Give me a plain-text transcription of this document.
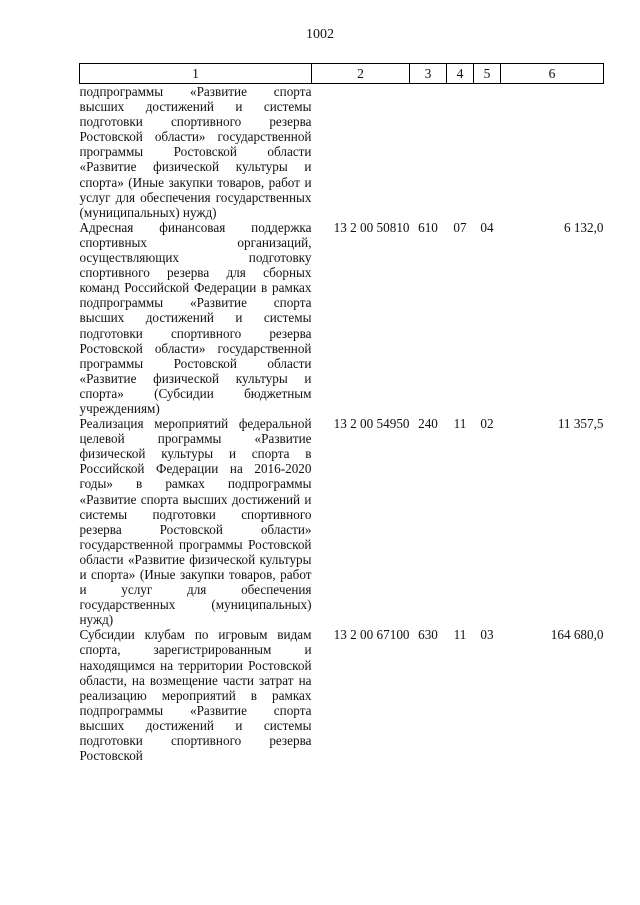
1002
1	2	3	4	5	6
подпрограммы «Развитие спорта высших достижений и системы подготовки спортивного резерва Ростовской области» государственной программы Ростовской области «Развитие физической культуры и спорта» (Иные закупки товаров, работ и услуг для обеспечения государственных (муниципальных) нужд)					
Адресная финансовая поддержка спортивных организаций, осуществляющих подготовку спортивного резерва для сборных команд Российской Федерации в рамках подпрограммы «Развитие спорта высших достижений и системы подготовки спортивного резерва Ростовской области» государственной программы Ростовской области «Развитие физической культуры и спорта» (Субсидии бюджетным учреждениям)	13 2 00 50810	610	07	04	6 132,0
Реализация мероприятий федеральной целевой программы «Развитие физической культуры и спорта в Российской Федерации на 2016-2020 годы» в рамках подпрограммы «Развитие спорта высших достижений и системы подготовки спортивного резерва Ростовской области» государственной программы Ростовской области «Развитие физической культуры и спорта» (Иные закупки товаров, работ и услуг для обеспечения государственных (муниципальных) нужд)	13 2 00 54950	240	11	02	11 357,5
Субсидии клубам по игровым видам спорта, зарегистрированным и находящимся на территории Ростовской области, на возмещение части затрат на реализацию мероприятий в рамках подпрограммы «Развитие спорта высших достижений и системы подготовки спортивного резерва Ростовской	13 2 00 67100	630	11	03	164 680,0
